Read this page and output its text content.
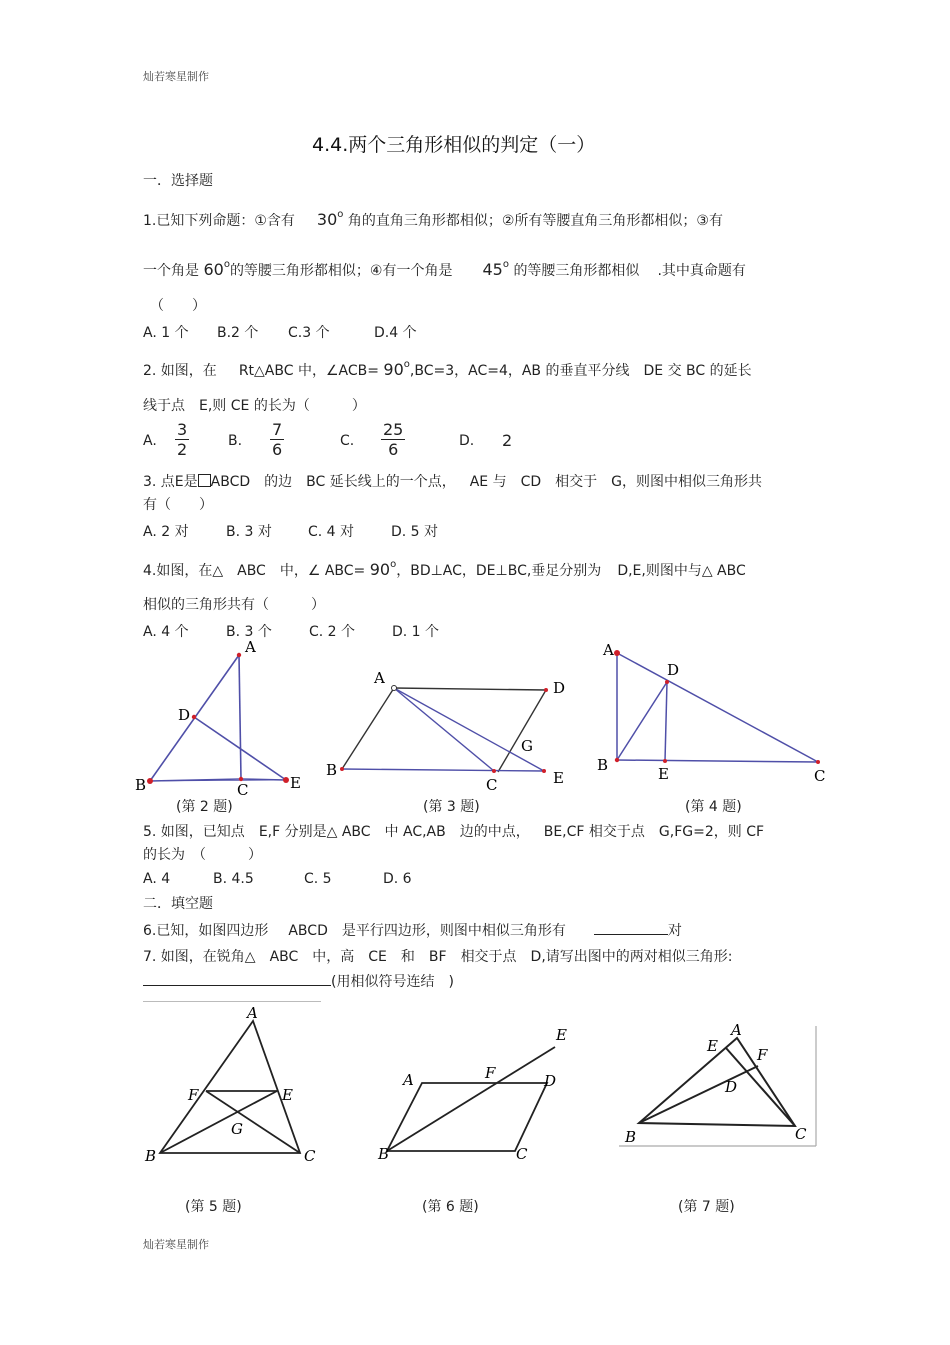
灿若寒星制作
灿若寒星制作
4.4.两个三角形相似的判定（一）
一．选择题
1.已知下列命题：①含有 30$^o$ 角的直角三角形都相似；②所有等腰直角三角形都相似；③有
一个角是 60$^o$的等腰三角形都相似；④有一个角是 45$^o$ 的等腰三角形都相似 .其中真命题有
（　　）
A. 1 个 B.2 个 C.3 个	D.4 个
2. 如图，在 Rt△ABC 中，∠ACB= $90^o,BC=3$，AC=4，AB 的垂直平分线 DE 交 BC 的延长
线于点　E,则 CE 的长为（　　　）
A. $\frac{3}{2}$	B. $\frac{7}{6}$	C. $\frac{25}{6}$	D. 2
3. 点E是 ABCD　的边　BC 延长线上的一个点， AE 与　CD　相交于　G，则图中相似三角形共
有（　　）
A. 2 对	B. 3 对	C. 4 对	D. 5 对
4.如图，在△　ABC　中，∠ $ABC= 90^o$，BD⊥AC，DE⊥BC,垂足分别为 D,E,则图中与△ ABC
相似的三角形共有（　　　）
A. 4 个	B. 3 个	C. 2 个	D. 1 个
A
D
B	C	E
A
D
G
B
C	E
A
D
B	E	C
(第 2 题)	(第 3 题)	(第 4 题)
5. 如图，已知点 E,F 分别是△ ABC　中 AC,AB　边的中点， BE,CF 相交于点　G,FG=2，则 CF
的长为　（　　　）
A. 4	B. 4.5	C. 5	D. 6
二．填空题
6.已知，如图四边形 ABCD　是平行四边形，则图中相似三角形有	对
7. 如图，在锐角△　ABC　中，高　CE　和　BF　相交于点　D,请写出图中的两对相似三角形:
(用相似符号连结　)
A
F	E
G
B	C
E
A	F	D
B	C
A
E	F
D
B	C
(第 5 题)	(第 6 题)	(第 7 题)
